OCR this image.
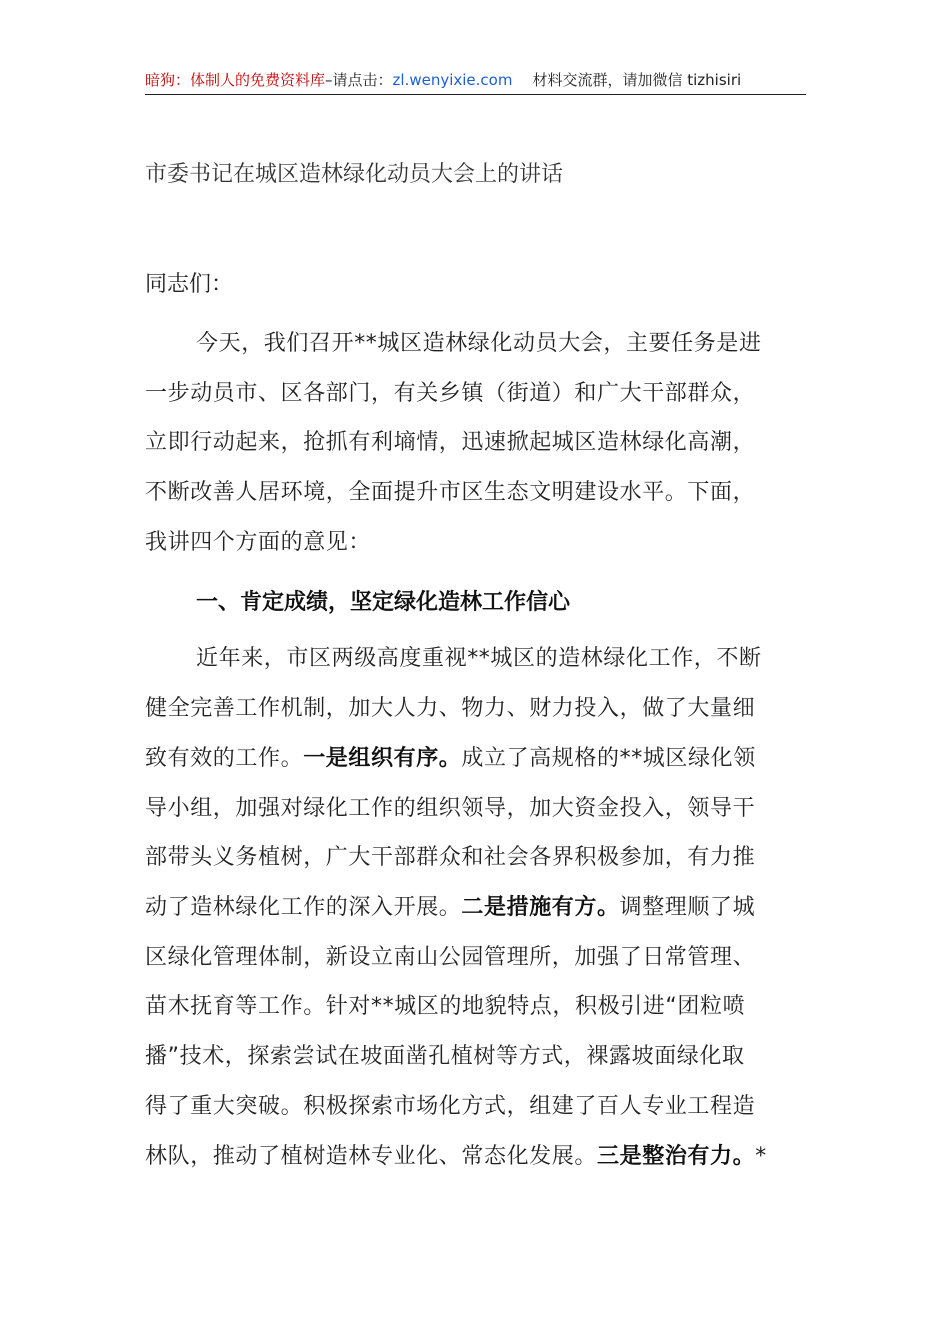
暗狗：体制人的免费资料库–请点击：zl.wenyixie.com 材料交流群，请加微信 tizhisiri
市委书记在城区造林绿化动员大会上的讲话
同志们：
今天，我们召开**城区造林绿化动员大会，主要任务是进
一步动员市、区各部门，有关乡镇（街道）和广大干部群众，
立即行动起来，抢抓有利墒情，迅速掀起城区造林绿化高潮，
不断改善人居环境，全面提升市区生态文明建设水平。下面，
我讲四个方面的意见：
一、肯定成绩，坚定绿化造林工作信心
近年来，市区两级高度重视**城区的造林绿化工作，不断
健全完善工作机制，加大人力、物力、财力投入，做了大量细
致有效的工作。一是组织有序。成立了高规格的**城区绿化领
导小组，加强对绿化工作的组织领导，加大资金投入，领导干
部带头义务植树，广大干部群众和社会各界积极参加，有力推
动了造林绿化工作的深入开展。二是措施有方。调整理顺了城
区绿化管理体制，新设立南山公园管理所，加强了日常管理、
苗木抚育等工作。针对**城区的地貌特点，积极引进“团粒喷
播”技术，探索尝试在坡面凿孔植树等方式，裸露坡面绿化取
得了重大突破。积极探索市场化方式，组建了百人专业工程造
林队，推动了植树造林专业化、常态化发展。三是整治有力。*
